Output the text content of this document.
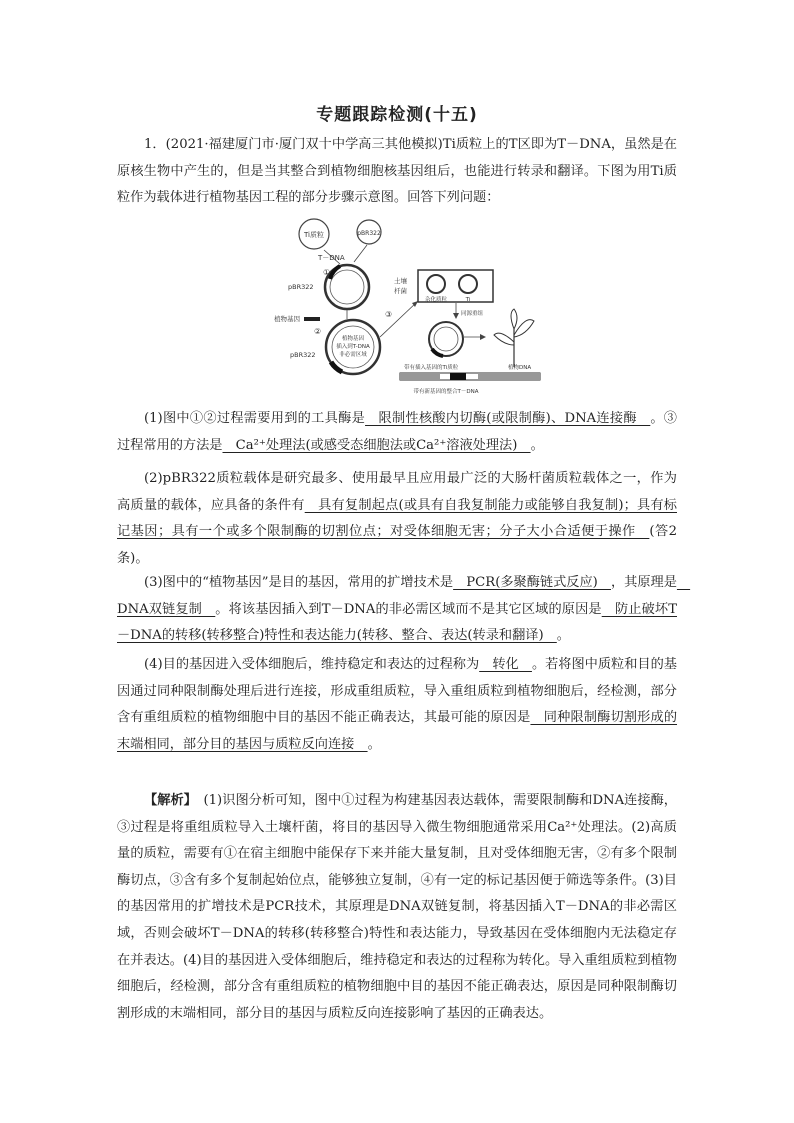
专题跟踪检测(十五)
1．(2021·福建厦门市·厦门双十中学高三其他模拟)Ti质粒上的T区即为T－DNA，虽然是在原核生物中产生的，但是当其整合到植物细胞核基因组后，也能进行转录和翻译。下图为用Ti质粒作为载体进行植物基因工程的部分步骤示意图。回答下列问题：
Ti质粒	pBR322
T－DNA
①
pBR322
植物基因
②
植物基因
插入到T-DNA
非必需区域
pBR322
③
土壤
杆菌
杂化质粒	Ti
同源重组
带有插入基因的Ti质粒	植物DNA
带有新基因的整合T－DNA
(1)图中①②过程需要用到的工具酶是　限制性核酸内切酶(或限制酶)、DNA连接酶　。③过程常用的方法是　Ca²⁺处理法(或感受态细胞法或Ca²⁺溶液处理法)　。
(2)pBR322质粒载体是研究最多、使用最早且应用最广泛的大肠杆菌质粒载体之一，作为高质量的载体，应具备的条件有　具有复制起点(或具有自我复制能力或能够自我复制)；具有标记基因；具有一个或多个限制酶的切割位点；对受体细胞无害；分子大小合适便于操作　(答2条)。
(3)图中的“植物基因”是目的基因，常用的扩增技术是　PCR(多聚酶链式反应)　，其原理是　DNA双链复制　。将该基因插入到T－DNA的非必需区域而不是其它区域的原因是　防止破坏T－DNA的转移(转移整合)特性和表达能力(转移、整合、表达(转录和翻译)　。
(4)目的基因进入受体细胞后，维持稳定和表达的过程称为　转化　。若将图中质粒和目的基因通过同种限制酶处理后进行连接，形成重组质粒，导入重组质粒到植物细胞后，经检测，部分含有重组质粒的植物细胞中目的基因不能正确表达，其最可能的原因是　同种限制酶切割形成的末端相同，部分目的基因与质粒反向连接　。
【解析】　(1)识图分析可知，图中①过程为构建基因表达载体，需要限制酶和DNA连接酶，③过程是将重组质粒导入土壤杆菌，将目的基因导入微生物细胞通常采用Ca²⁺处理法。(2)高质量的质粒，需要有①在宿主细胞中能保存下来并能大量复制，且对受体细胞无害，②有多个限制酶切点，③含有多个复制起始位点，能够独立复制，④有一定的标记基因便于筛选等条件。(3)目的基因常用的扩增技术是PCR技术，其原理是DNA双链复制，将基因插入T－DNA的非必需区域，否则会破坏T－DNA的转移(转移整合)特性和表达能力，导致基因在受体细胞内无法稳定存在并表达。(4)目的基因进入受体细胞后，维持稳定和表达的过程称为转化。导入重组质粒到植物细胞后，经检测，部分含有重组质粒的植物细胞中目的基因不能正确表达，原因是同种限制酶切割形成的末端相同，部分目的基因与质粒反向连接影响了基因的正确表达。
